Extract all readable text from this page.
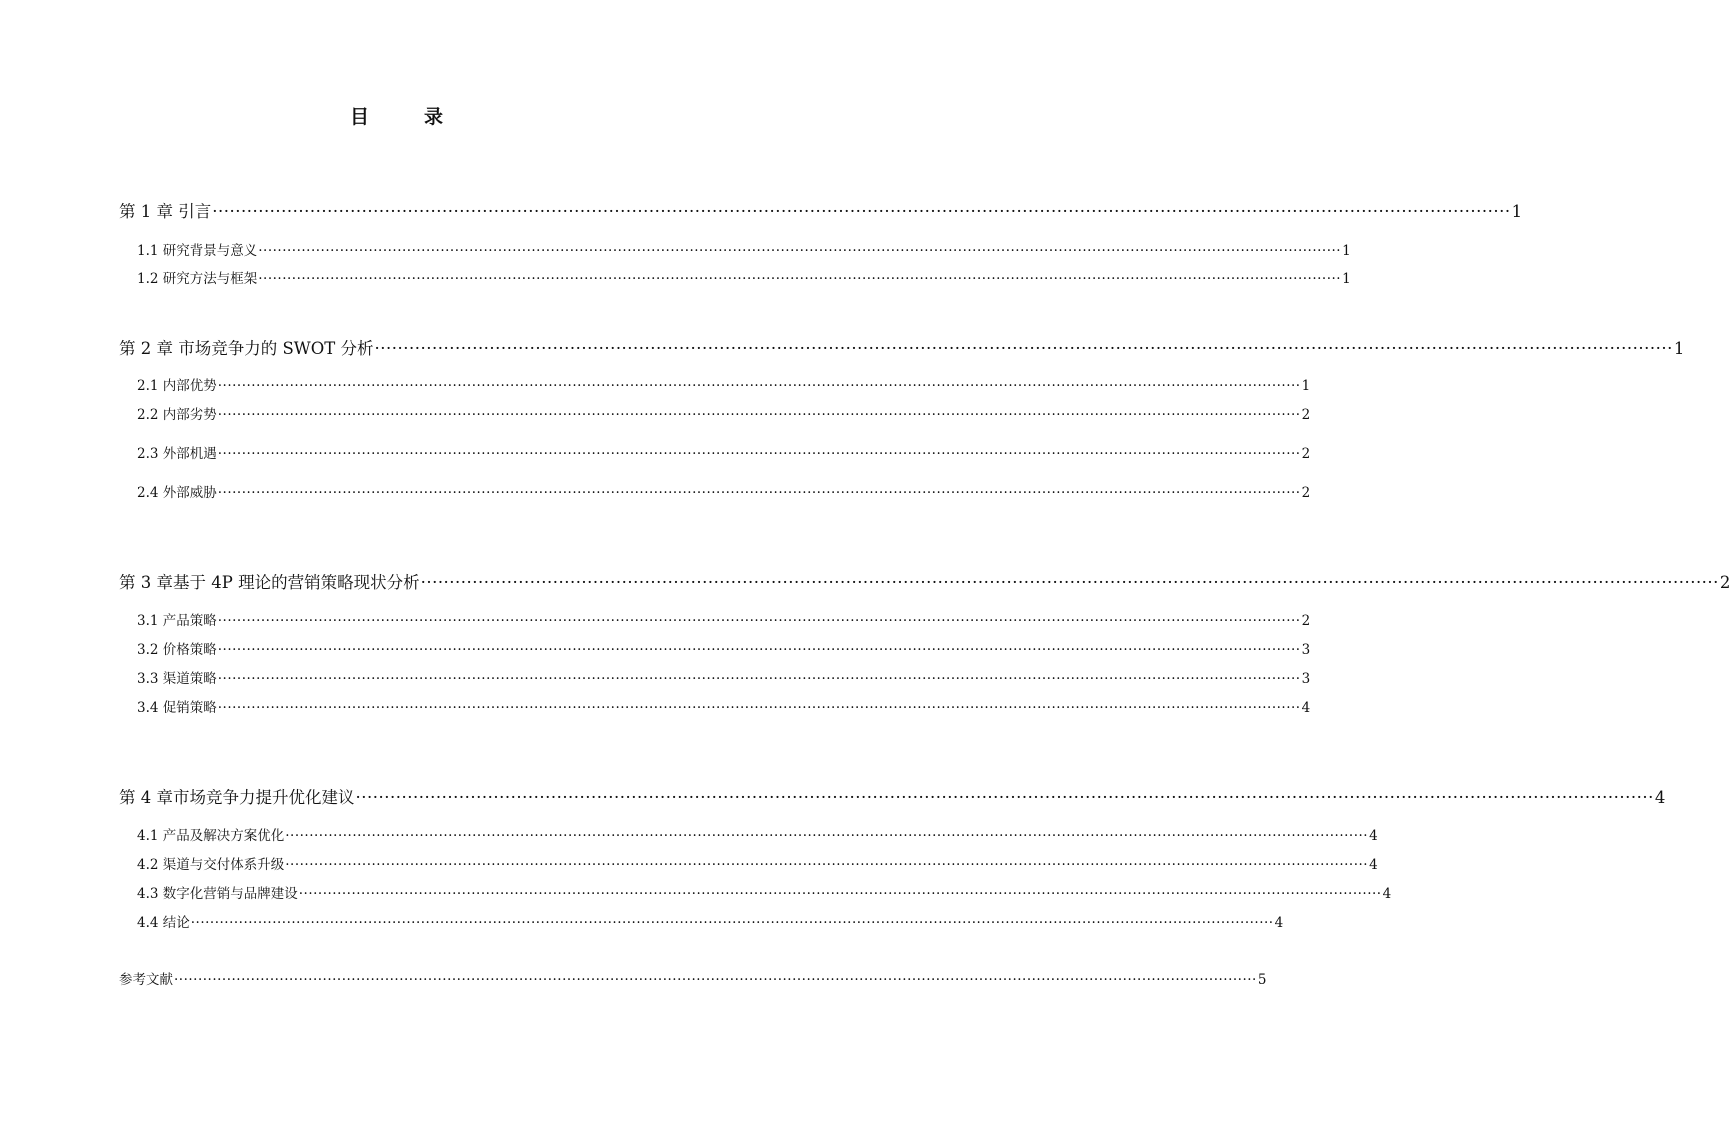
目　录
第 1 章 引言 ·································································································································································································································· 1
1.1 研究背景与意义 ·································································································································································································································· 1
1.2 研究方法与框架 ·································································································································································································································· 1
第 2 章 市场竞争力的 SWOT 分析 ·································································································································································································································· 1
2.1 内部优势 ·································································································································································································································· 1
2.2 内部劣势 ·································································································································································································································· 2
2.3 外部机遇 ·································································································································································································································· 2
2.4 外部威胁 ·································································································································································································································· 2
第 3 章基于 4P 理论的营销策略现状分析 ·································································································································································································································· 2
3.1 产品策略 ·································································································································································································································· 2
3.2 价格策略 ·································································································································································································································· 3
3.3 渠道策略 ·································································································································································································································· 3
3.4 促销策略 ·································································································································································································································· 4
第 4 章市场竞争力提升优化建议 ·································································································································································································································· 4
4.1 产品及解决方案优化 ·································································································································································································································· 4
4.2 渠道与交付体系升级 ·································································································································································································································· 4
4.3 数字化营销与品牌建设 ·································································································································································································································· 4
4.4 结论 ·································································································································································································································· 4
参考文献 ·································································································································································································································· 5
